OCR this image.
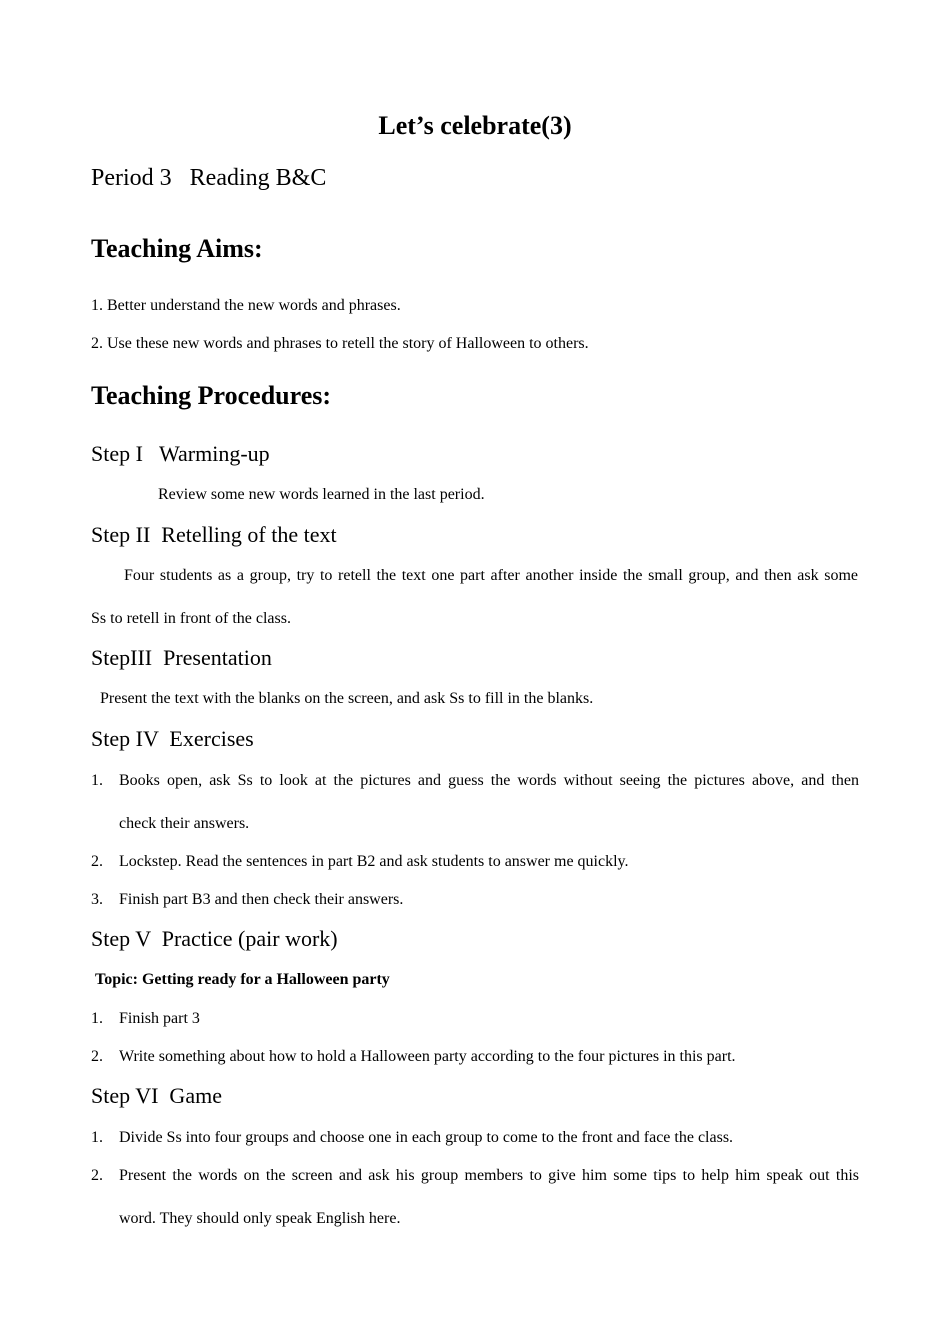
Let’s celebrate(3)
Period 3   Reading B&C
Teaching Aims:
1. Better understand the new words and phrases.
2. Use these new words and phrases to retell the story of Halloween to others.
Teaching Procedures:
Step I   Warming-up
Review some new words learned in the last period.
Step II  Retelling of the text
Four students as a group, try to retell the text one part after another inside the small group, and then ask some
Ss to retell in front of the class.
StepIII  Presentation
Present the text with the blanks on the screen, and ask Ss to fill in the blanks.
Step IV  Exercises
1. Books open, ask Ss to look at the pictures and guess the words without seeing the pictures above, and then
check their answers.
2. Lockstep. Read the sentences in part B2 and ask students to answer me quickly.
3. Finish part B3 and then check their answers.
Step V  Practice (pair work)
Topic: Getting ready for a Halloween party
1. Finish part 3
2. Write something about how to hold a Halloween party according to the four pictures in this part.
Step VI  Game
1. Divide Ss into four groups and choose one in each group to come to the front and face the class.
2. Present the words on the screen and ask his group members to give him some tips to help him speak out this
word. They should only speak English here.
